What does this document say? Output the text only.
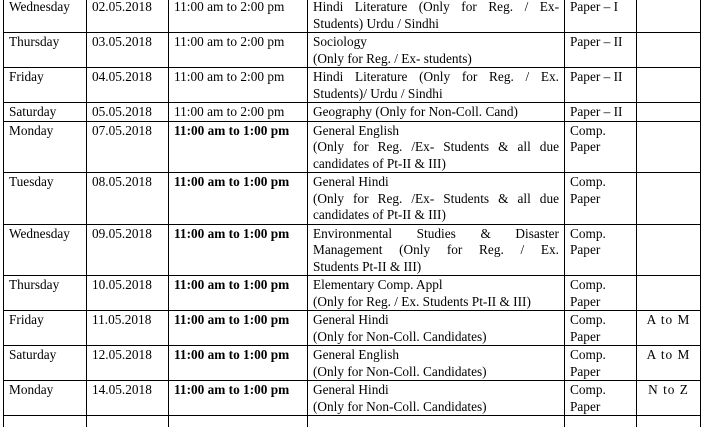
Wednesday	02.05.2018	11:00 am to 2:00 pm	Hindi Literature (Only for Reg. / Ex-
Students) Urdu / Sindhi	Paper – I	

Thursday	03.05.2018	11:00 am to 2:00 pm	Sociology
(Only for Reg. / Ex- students)	Paper – II	

Friday	04.05.2018	11:00 am to 2:00 pm	Hindi Literature (Only for Reg. / Ex.
Students)/ Urdu / Sindhi	Paper – II	

Saturday	05.05.2018	11:00 am to 2:00 pm	Geography (Only for Non-Coll. Cand)	Paper – II	

Monday	07.05.2018	11:00 am to 1:00 pm	General English
(Only for Reg. /Ex- Students & all due
candidates of Pt-II & III)	Comp.
Paper	

Tuesday	08.05.2018	11:00 am to 1:00 pm	General Hindi
(Only for Reg. /Ex- Students & all due
candidates of Pt-II & III)	Comp.
Paper	

Wednesday	09.05.2018	11:00 am to 1:00 pm	Environmental Studies & Disaster
Management (Only for Reg. / Ex.
Students Pt-II & III)	Comp.
Paper	

Thursday	10.05.2018	11:00 am to 1:00 pm	Elementary Comp. Appl
(Only for Reg. / Ex. Students Pt-II & III)	Comp.
Paper	

Friday	11.05.2018	11:00 am to 1:00 pm	General Hindi
(Only for Non-Coll. Candidates)	Comp.
Paper	A to M
Saturday	12.05.2018	11:00 am to 1:00 pm	General English
(Only for Non-Coll. Candidates)	Comp.
Paper	A to M
Monday	14.05.2018	11:00 am to 1:00 pm	General Hindi
(Only for Non-Coll. Candidates)	Comp.
Paper	N to Z
